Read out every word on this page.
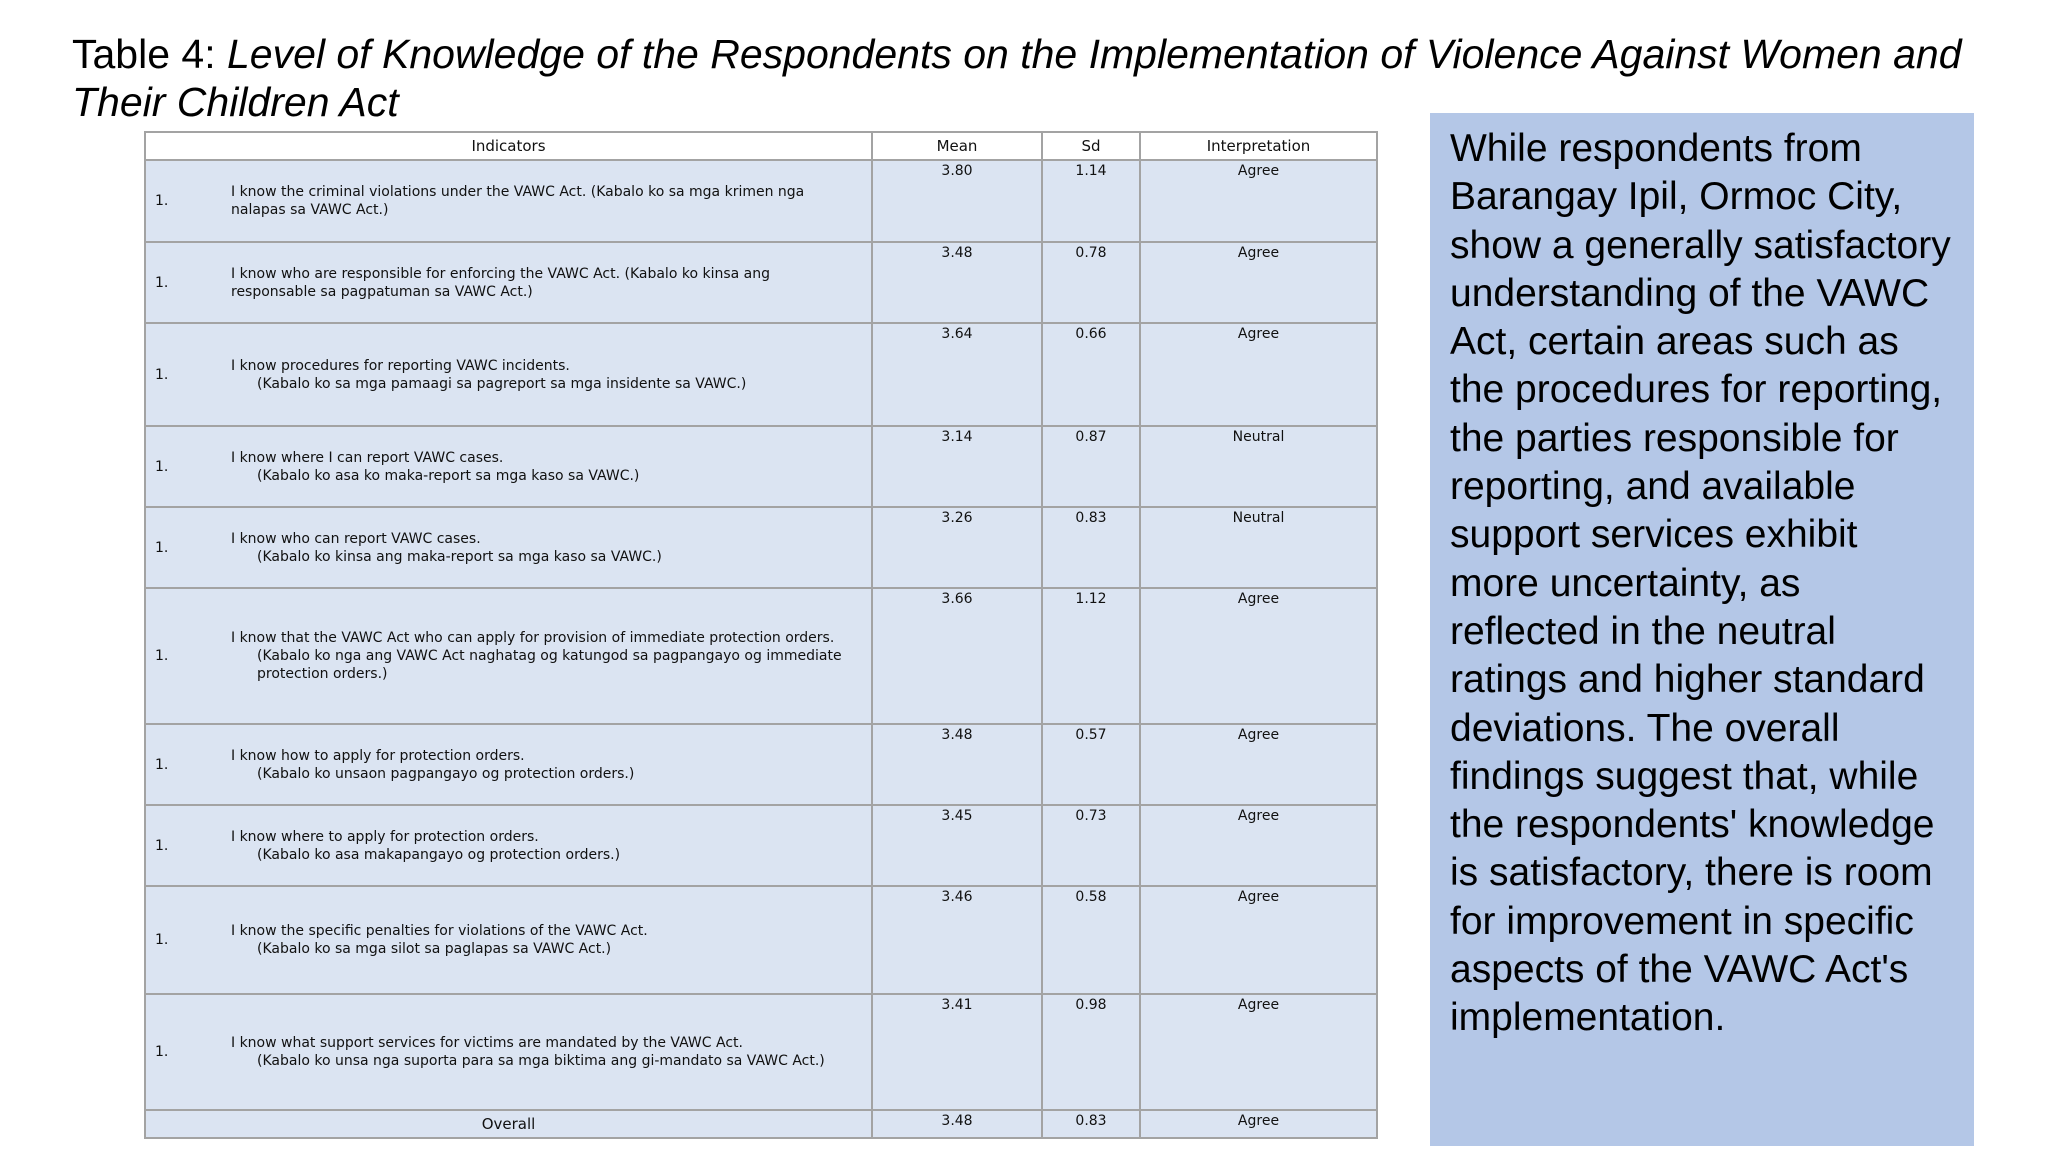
Table 4: Level of Knowledge of the Respondents on the Implementation of Violence Against Women and Their Children Act
Indicators	Mean	Sd	Interpretation

1.
I know the criminal violations under the VAWC Act. (Kabalo ko sa mga krimen nga nalapas sa VAWC Act.)	3.80	1.14	Agree

1.
I know who are responsible for enforcing the VAWC Act. (Kabalo ko kinsa ang responsable sa pagpatuman sa VAWC Act.)	3.48	0.78	Agree

1.
I know procedures for reporting VAWC incidents.
(Kabalo ko sa mga pamaagi sa pagreport sa mga insidente sa VAWC.)	3.64	0.66	Agree

1.
I know where I can report VAWC cases.
(Kabalo ko asa ko maka-report sa mga kaso sa VAWC.)	3.14	0.87	Neutral

1.
I know who can report VAWC cases.
(Kabalo ko kinsa ang maka-report sa mga kaso sa VAWC.)	3.26	0.83	Neutral

1.
I know that the VAWC Act who can apply for provision of immediate protection orders.
(Kabalo ko nga ang VAWC Act naghatag og katungod sa pagpangayo og immediate protection orders.)	3.66	1.12	Agree

1.
I know how to apply for protection orders.
(Kabalo ko unsaon pagpangayo og protection orders.)	3.48	0.57	Agree

1.
I know where to apply for protection orders.
(Kabalo ko asa makapangayo og protection orders.)	3.45	0.73	Agree

1.
I know the specific penalties for violations of the VAWC Act.
(Kabalo ko sa mga silot sa paglapas sa VAWC Act.)	3.46	0.58	Agree

1.
I know what support services for victims are mandated by the VAWC Act.
(Kabalo ko unsa nga suporta para sa mga biktima ang gi-mandato sa VAWC Act.)	3.41	0.98	Agree
Overall	3.48	0.83	Agree
While respondents from Barangay Ipil, Ormoc City, show a generally satisfactory understanding of the VAWC Act, certain areas such as the procedures for reporting, the parties responsible for reporting, and available support services exhibit more uncertainty, as reflected in the neutral ratings and higher standard deviations. The overall findings suggest that, while the respondents' knowledge is satisfactory, there is room for improvement in specific aspects of the VAWC Act's implementation.
